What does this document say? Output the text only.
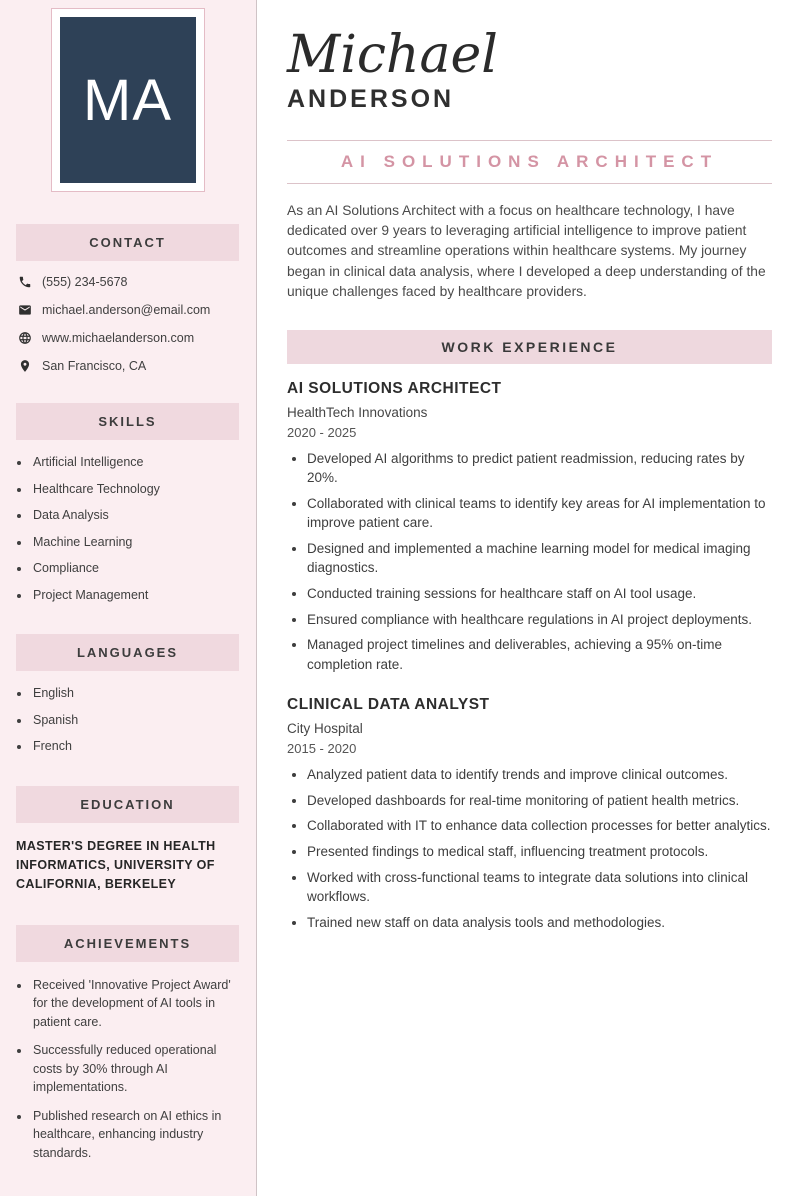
MA
CONTACT
(555) 234-5678
michael.anderson@email.com
www.michaelanderson.com
San Francisco, CA
SKILLS
• Artificial Intelligence
• Healthcare Technology
• Data Analysis
• Machine Learning
• Compliance
• Project Management
LANGUAGES
• English
• Spanish
• French
EDUCATION

MASTER'S DEGREE IN HEALTH INFORMATICS, UNIVERSITY OF CALIFORNIA, BERKELEY

ACHIEVEMENTS
• Received 'Innovative Project Award' for the development of AI tools in patient care.
• Successfully reduced operational costs by 30% through AI implementations.
• Published research on AI ethics in healthcare, enhancing industry standards.
Michael
ANDERSON
AI SOLUTIONS ARCHITECT

As an AI Solutions Architect with a focus on healthcare technology, I have dedicated over 9 years to leveraging artificial intelligence to improve patient outcomes and streamline operations within healthcare systems. My journey began in clinical data analysis, where I developed a deep understanding of the unique challenges faced by healthcare providers.

WORK EXPERIENCE
AI SOLUTIONS ARCHITECT

HealthTech Innovations

2020 - 2025

• Developed AI algorithms to predict patient readmission, reducing rates by 20%.
• Collaborated with clinical teams to identify key areas for AI implementation to improve patient care.
• Designed and implemented a machine learning model for medical imaging diagnostics.
• Conducted training sessions for healthcare staff on AI tool usage.
• Ensured compliance with healthcare regulations in AI project deployments.
• Managed project timelines and deliverables, achieving a 95% on-time completion rate.
CLINICAL DATA ANALYST

City Hospital

2015 - 2020

• Analyzed patient data to identify trends and improve clinical outcomes.
• Developed dashboards for real-time monitoring of patient health metrics.
• Collaborated with IT to enhance data collection processes for better analytics.
• Presented findings to medical staff, influencing treatment protocols.
• Worked with cross-functional teams to integrate data solutions into clinical workflows.
• Trained new staff on data analysis tools and methodologies.
